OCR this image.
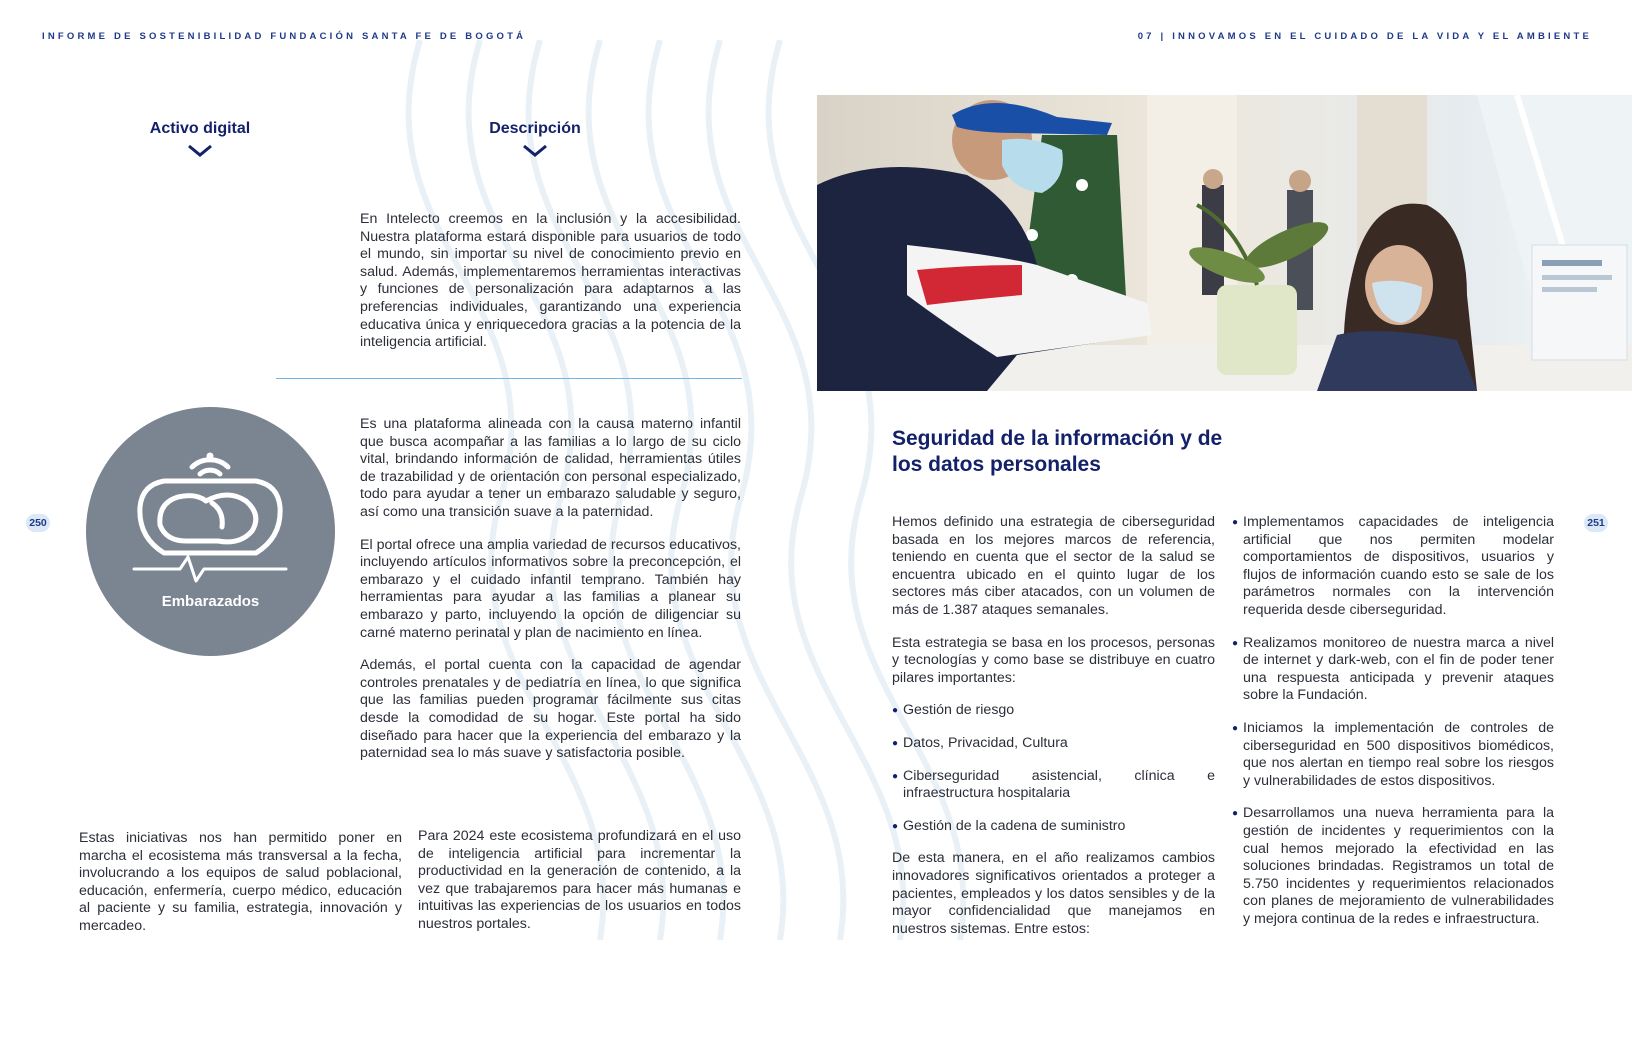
INFORME DE SOSTENIBILIDAD FUNDACIÓN SANTA FE DE BOGOTÁ	07 | INNOVAMOS EN EL CUIDADO DE LA VIDA Y EL AMBIENTE
250	251
Activo digital	Descripción

En Intelecto creemos en la inclusión y la accesibilidad. Nuestra plataforma estará disponible para usuarios de todo el mundo, sin importar su nivel de conocimiento previo en salud. Además, implementaremos herramientas interactivas y funciones de personalización para adaptarnos a las preferencias individuales, garantizando una experiencia educativa única y enriquecedora gracias a la potencia de la inteligencia artificial.

Embarazados

Es una plataforma alineada con la causa materno infantil que busca acompañar a las familias a lo largo de su ciclo vital, brindando información de calidad, herramientas útiles de trazabilidad y de orientación con personal especializado, todo para ayudar a tener un embarazo saludable y seguro, así como una transición suave a la paternidad.

El portal ofrece una amplia variedad de recursos educativos, incluyendo artículos informativos sobre la preconcepción, el embarazo y el cuidado infantil temprano. También hay herramientas para ayudar a las familias a planear su embarazo y parto, incluyendo la opción de diligenciar su carné materno perinatal y plan de nacimiento en línea.

Además, el portal cuenta con la capacidad de agendar controles prenatales y de pediatría en línea, lo que significa que las familias pueden programar fácilmente sus citas desde la comodidad de su hogar. Este portal ha sido diseñado para hacer que la experiencia del embarazo y la paternidad sea lo más suave y satisfactoria posible.

Estas iniciativas nos han permitido poner en marcha el ecosistema más transversal a la fecha, involucrando a los equipos de salud poblacional, educación, enfermería, cuerpo médico, educación al paciente y su familia, estrategia, innovación y mercadeo.

Para 2024 este ecosistema profundizará en el uso de inteligencia artificial para incrementar la productividad en la generación de contenido, a la vez que trabajaremos para hacer más humanas e intuitivas las experiencias de los usuarios en todos nuestros portales.

Seguridad de la información y de los datos personales

Hemos definido una estrategia de ciberseguridad basada en los mejores marcos de referencia, teniendo en cuenta que el sector de la salud se encuentra ubicado en el quinto lugar de los sectores más ciber atacados, con un volumen de más de 1.387 ataques semanales.

Esta estrategia se basa en los procesos, personas y tecnologías y como base se distribuye en cuatro pilares importantes:

● Gestión de riesgo
● Datos, Privacidad, Cultura
● Ciberseguridad asistencial, clínica e infraestructura hospitalaria
● Gestión de la cadena de suministro

De esta manera, en el año realizamos cambios innovadores significativos orientados a proteger a pacientes, empleados y los datos sensibles y de la mayor confidencialidad que manejamos en nuestros sistemas. Entre estos:

● Implementamos capacidades de inteligencia artificial que nos permiten modelar comportamientos de dispositivos, usuarios y flujos de información cuando esto se sale de los parámetros normales con la intervención requerida desde ciberseguridad.
● Realizamos monitoreo de nuestra marca a nivel de internet y dark-web, con el fin de poder tener una respuesta anticipada y prevenir ataques sobre la Fundación.
● Iniciamos la implementación de controles de ciberseguridad en 500 dispositivos biomédicos, que nos alertan en tiempo real sobre los riesgos y vulnerabilidades de estos dispositivos.
● Desarrollamos una nueva herramienta para la gestión de incidentes y requerimientos con la cual hemos mejorado la efectividad en las soluciones brindadas. Registramos un total de 5.750 incidentes y requerimientos relacionados con planes de mejoramiento de vulnerabilidades y mejora continua de la redes e infraestructura.
